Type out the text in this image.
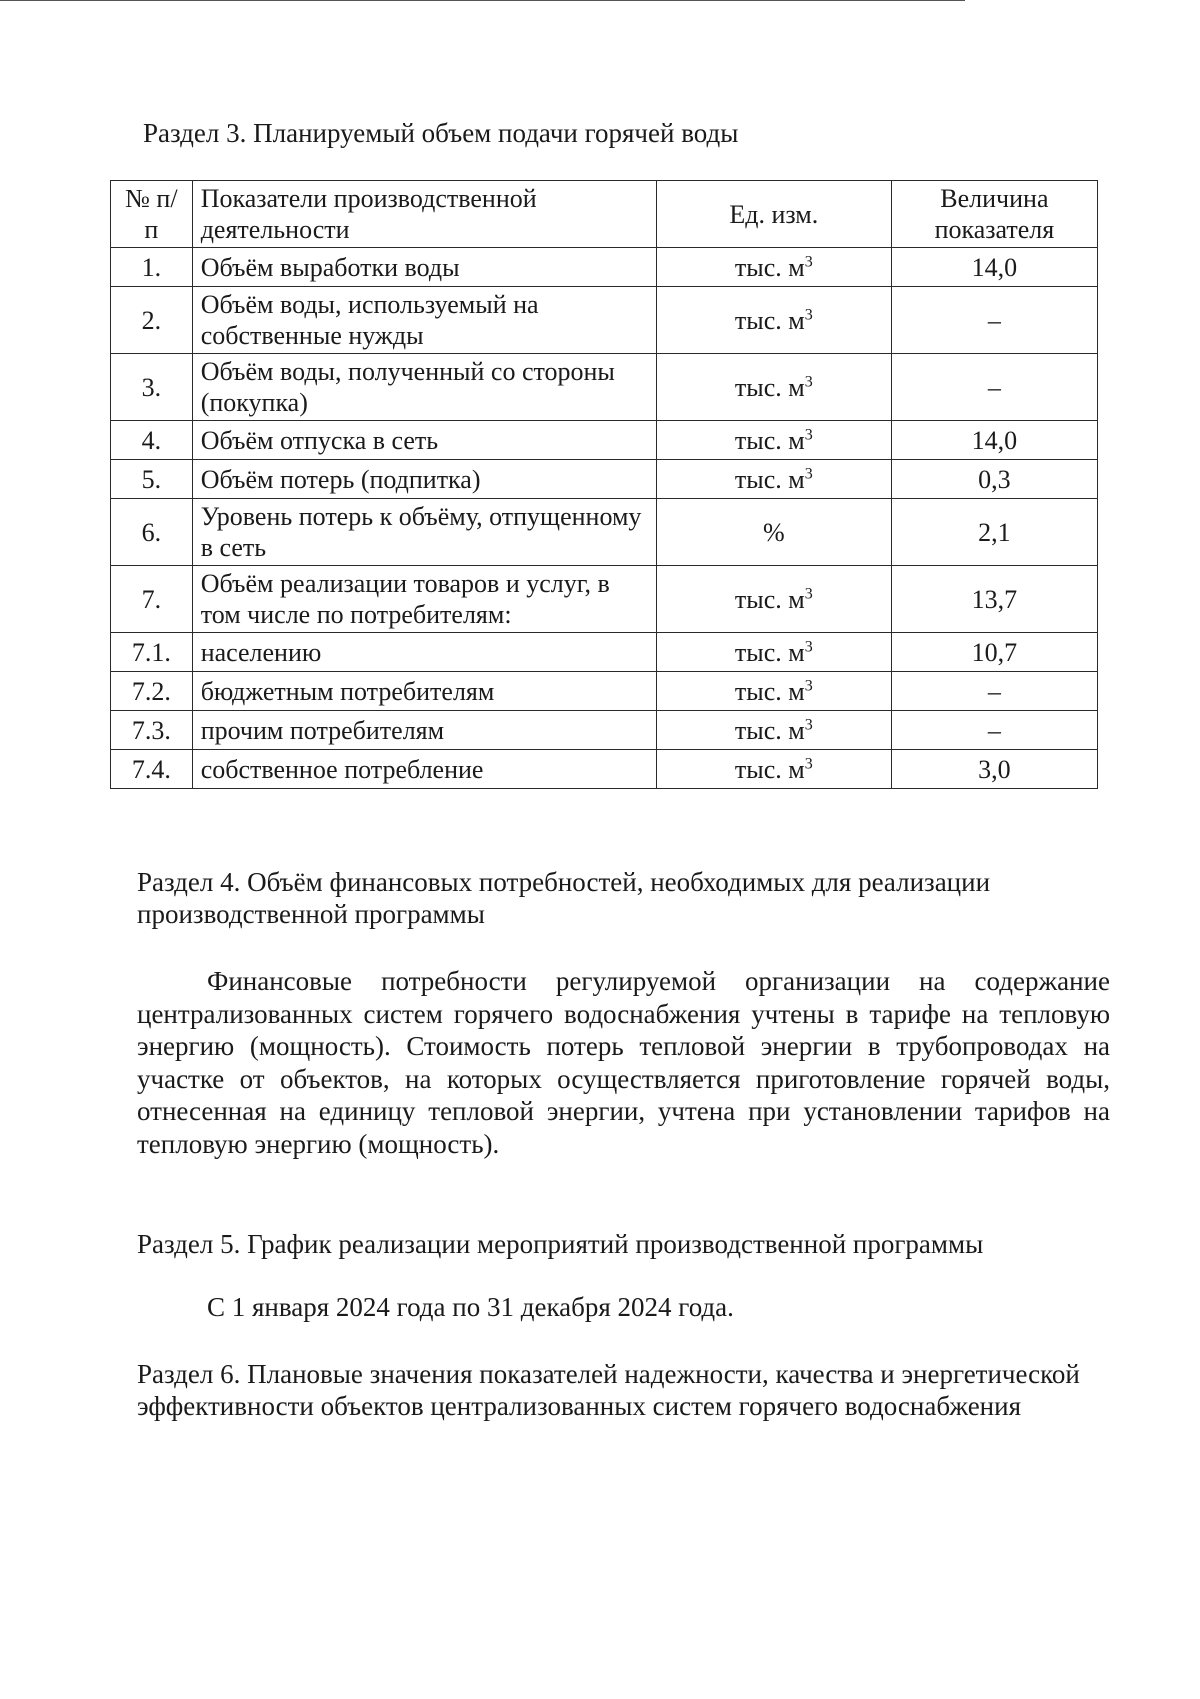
Раздел 3. Планируемый объем подачи горячей воды
№ п/п	Показатели производственной деятельности	Ед. изм.	Величина показателя
1.	Объём выработки воды	тыс. $м^3$	14,0
2.	Объём воды, используемый на собственные нужды	тыс. $м^3$	–
3.	Объём воды, полученный со стороны (покупка)	тыс. $м^3$	–
4.	Объём отпуска в сеть	тыс. $м^3$	14,0
5.	Объём потерь (подпитка)	тыс. $м^3$	0,3
6.	Уровень потерь к объёму, отпущенному в сеть	%	2,1
7.	Объём реализации товаров и услуг, в том числе по потребителям:	тыс. $м^3$	13,7
7.1.	населению	тыс. $м^3$	10,7
7.2.	бюджетным потребителям	тыс. $м^3$	–
7.3.	прочим потребителям	тыс. $м^3$	–
7.4.	собственное потребление	тыс. $м^3$	3,0
Раздел 4. Объём финансовых потребностей, необходимых для реализации производственной программы

Финансовые потребности регулируемой организации на содержание централизованных систем горячего водоснабжения учтены в тарифе на тепловую энергию (мощность). Стоимость потерь тепловой энергии в трубопроводах на участке от объектов, на которых осуществляется приготовление горячей воды, отнесенная на единицу тепловой энергии, учтена при установлении тарифов на тепловую энергию (мощность).

Раздел 5. График реализации мероприятий производственной программы

С 1 января 2024 года по 31 декабря 2024 года.

Раздел 6. Плановые значения показателей надежности, качества и энергетической эффективности объектов централизованных систем горячего водоснабжения
